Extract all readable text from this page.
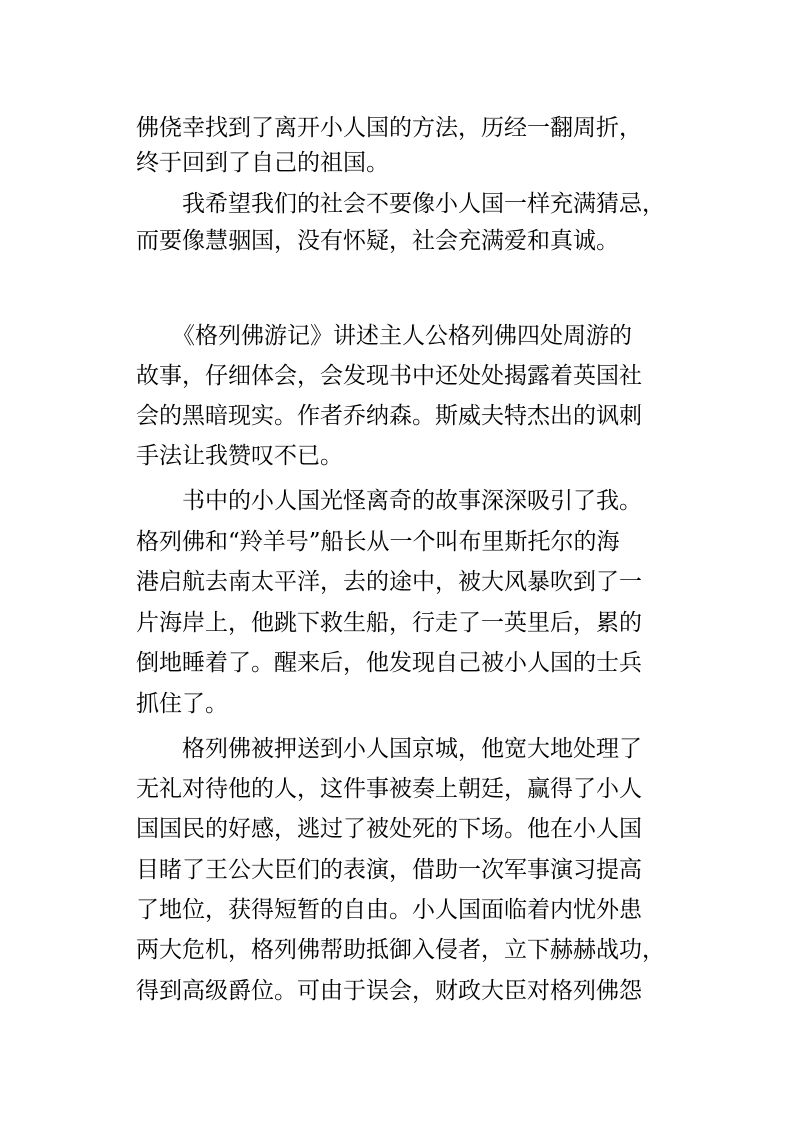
佛侥幸找到了离开小人国的方法，历经一翻周折，

终于回到了自己的祖国。

我希望我们的社会不要像小人国一样充满猜忌，

而要像慧骃国，没有怀疑，社会充满爱和真诚。

《格列佛游记》讲述主人公格列佛四处周游的

故事，仔细体会，会发现书中还处处揭露着英国社

会的黑暗现实。作者乔纳森。斯威夫特杰出的讽刺

手法让我赞叹不已。

书中的小人国光怪离奇的故事深深吸引了我。

格列佛和“羚羊号”船长从一个叫布里斯托尔的海

港启航去南太平洋，去的途中，被大风暴吹到了一

片海岸上，他跳下救生船，行走了一英里后，累的

倒地睡着了。醒来后，他发现自己被小人国的士兵

抓住了。

格列佛被押送到小人国京城，他宽大地处理了

无礼对待他的人，这件事被奏上朝廷，赢得了小人

国国民的好感，逃过了被处死的下场。他在小人国

目睹了王公大臣们的表演，借助一次军事演习提高

了地位，获得短暂的自由。小人国面临着内忧外患

两大危机，格列佛帮助抵御入侵者，立下赫赫战功，

得到高级爵位。可由于误会，财政大臣对格列佛怨
